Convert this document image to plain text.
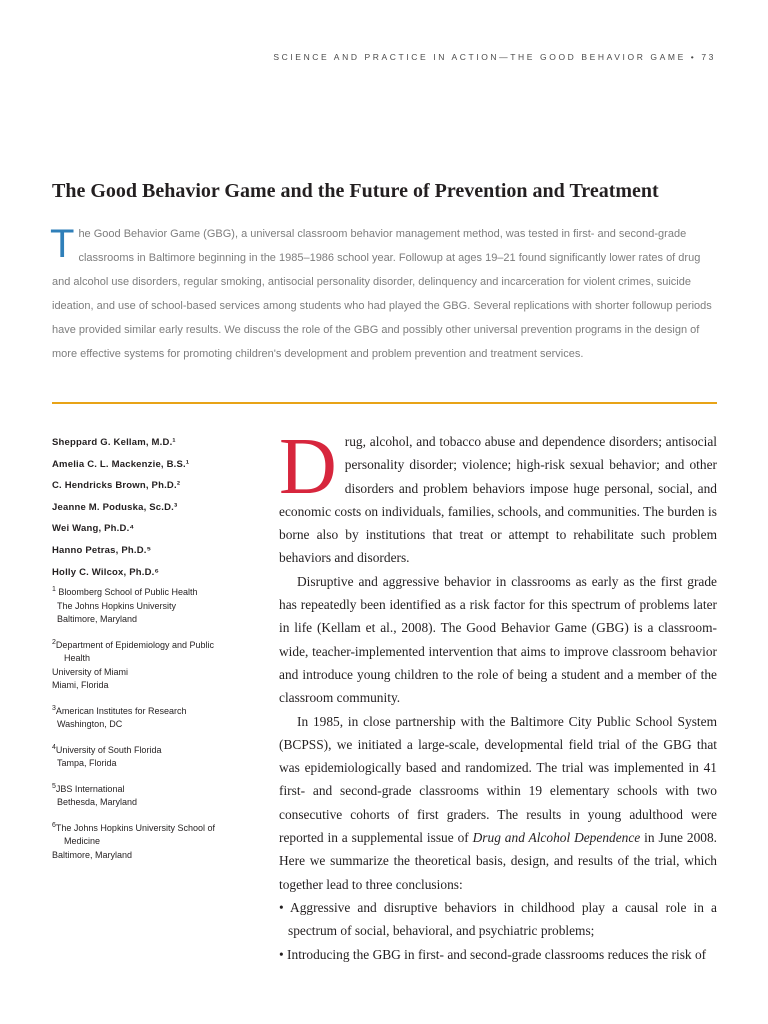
SCIENCE AND PRACTICE IN ACTION—THE GOOD BEHAVIOR GAME • 73
The Good Behavior Game and the Future of Prevention and Treatment

The Good Behavior Game (GBG), a universal classroom behavior management method, was tested in first- and second-grade classrooms in Baltimore beginning in the 1985–1986 school year. Followup at ages 19–21 found significantly lower rates of drug and alcohol use disorders, regular smoking, antisocial personality disorder, delinquency and incarceration for violent crimes, suicide ideation, and use of school-based services among students who had played the GBG. Several replications with shorter followup periods have provided similar early results. We discuss the role of the GBG and possibly other universal prevention programs in the design of more effective systems for promoting children's development and problem prevention and treatment services.

Sheppard G. Kellam, M.D.¹

Amelia C. L. Mackenzie, B.S.¹

C. Hendricks Brown, Ph.D.²

Jeanne M. Poduska, Sc.D.³

Wei Wang, Ph.D.⁴

Hanno Petras, Ph.D.⁵

Holly C. Wilcox, Ph.D.⁶

$^1$ Bloomberg School of Public Health
The Johns Hopkins University
Baltimore, Maryland
$^2$Department of Epidemiology and Public
Health
University of Miami
Miami, Florida
$^3$American Institutes for Research
Washington, DC
$^4$University of South Florida
Tampa, Florida
$^5$JBS International
Bethesda, Maryland
$^6$The Johns Hopkins University School of
Medicine
Baltimore, Maryland

Drug, alcohol, and tobacco abuse and dependence disorders; antisocial personality disorder; violence; high-risk sexual behavior; and other disorders and problem behaviors impose huge personal, social, and economic costs on individuals, families, schools, and communities. The burden is borne also by institutions that treat or attempt to rehabilitate such problem behaviors and disorders.

Disruptive and aggressive behavior in classrooms as early as the first grade has repeatedly been identified as a risk factor for this spectrum of problems later in life (Kellam et al., 2008). The Good Behavior Game (GBG) is a classroom-wide, teacher-implemented intervention that aims to improve classroom behavior and introduce young children to the role of being a student and a member of the classroom community.

In 1985, in close partnership with the Baltimore City Public School System (BCPSS), we initiated a large-scale, developmental field trial of the GBG that was epidemiologically based and randomized. The trial was implemented in 41 first- and second-grade classrooms within 19 elementary schools with two consecutive cohorts of first graders. The results in young adulthood were reported in a supplemental issue of Drug and Alcohol Dependence in June 2008. Here we summarize the theoretical basis, design, and results of the trial, which together lead to three conclusions:

• Aggressive and disruptive behaviors in childhood play a causal role in a spectrum of social, behavioral, and psychiatric problems;

• Introducing the GBG in first- and second-grade classrooms reduces the risk of
